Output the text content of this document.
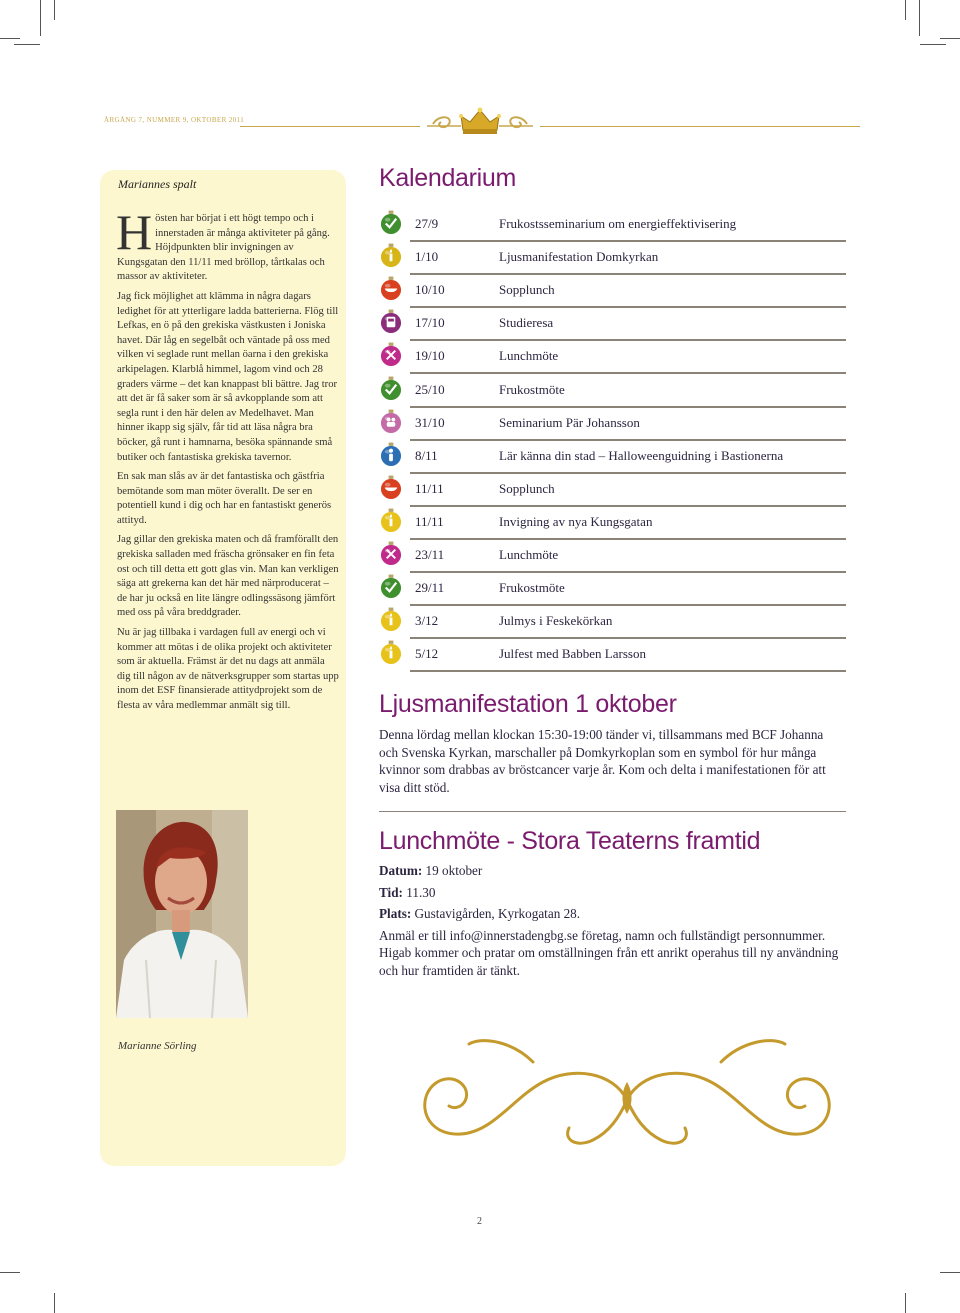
ÅRGÅNG 7, NUMMER 9, OKTOBER 2011
Mariannes spalt

Hösten har börjat i ett högt tempo och i innerstaden är många aktiviteter på gång. Höjdpunkten blir invigningen av Kungsgatan den 11/11 med bröllop, tårtkalas och massor av aktiviteter.

Jag fick möjlighet att klämma in några dagars ledighet för att ytterligare ladda batterierna. Flög till Lefkas, en ö på den grekiska västkusten i Joniska havet. Där låg en segelbåt och väntade på oss med vilken vi seglade runt mellan öarna i den grekiska arkipelagen. Klarblå himmel, lagom vind och 28 graders värme – det kan knappast bli bättre. Jag tror att det är få saker som är så avkopplande som att segla runt i den här delen av Medelhavet. Man hinner ikapp sig själv, får tid att läsa några bra böcker, gå runt i hamnarna, besöka spännande små butiker och fantastiska grekiska tavernor.

En sak man slås av är det fantastiska och gästfria bemötande som man möter överallt. De ser en potentiell kund i dig och har en fantastiskt generös attityd.

Jag gillar den grekiska maten och då framförallt den grekiska salladen med fräscha grönsaker en fin feta ost och till detta ett gott glas vin. Man kan verkligen säga att grekerna kan det här med närproducerat – de har ju också en lite längre odlingssäsong jämfört med oss på våra breddgrader.

Nu är jag tillbaka i vardagen full av energi och vi kommer att mötas i de olika projekt och aktiviteter som är aktuella. Främst är det nu dags att anmäla dig till någon av de nätverksgrupper som startas upp inom det ESF finansierade attitydprojekt som de flesta av våra medlemmar anmält sig till.

Marianne Sörling
Kalendarium
27/9	Frukostsseminarium om energieffektivisering
1/10	Ljusmanifestation Domkyrkan
10/10	Sopplunch
17/10	Studieresa
19/10	Lunchmöte
25/10	Frukostmöte
31/10	Seminarium Pär Johansson
8/11	Lär känna din stad – Halloweenguidning i Bastionerna
11/11	Sopplunch
11/11	Invigning av nya Kungsgatan
23/11	Lunchmöte
29/11	Frukostmöte
3/12	Julmys i Feskekörkan
5/12	Julfest med Babben Larsson
Ljusmanifestation 1 oktober
Denna lördag mellan klockan 15:30-19:00 tänder vi, tillsammans med BCF Johanna och Svenska Kyrkan, marschaller på Domkyrkoplan som en symbol för hur många kvinnor som drabbas av bröstcancer varje år. Kom och delta i manifestationen för att visa ditt stöd.
Lunchmöte - Stora Teaterns framtid
Datum: 19 oktober
Tid: 11.30
Plats: Gustavigården, Kyrkogatan 28.
Anmäl er till info@innerstadengbg.se företag, namn och fullständigt personnummer. Higab kommer och pratar om omställningen från ett anrikt operahus till ny användning och hur framtiden är tänkt.
2
